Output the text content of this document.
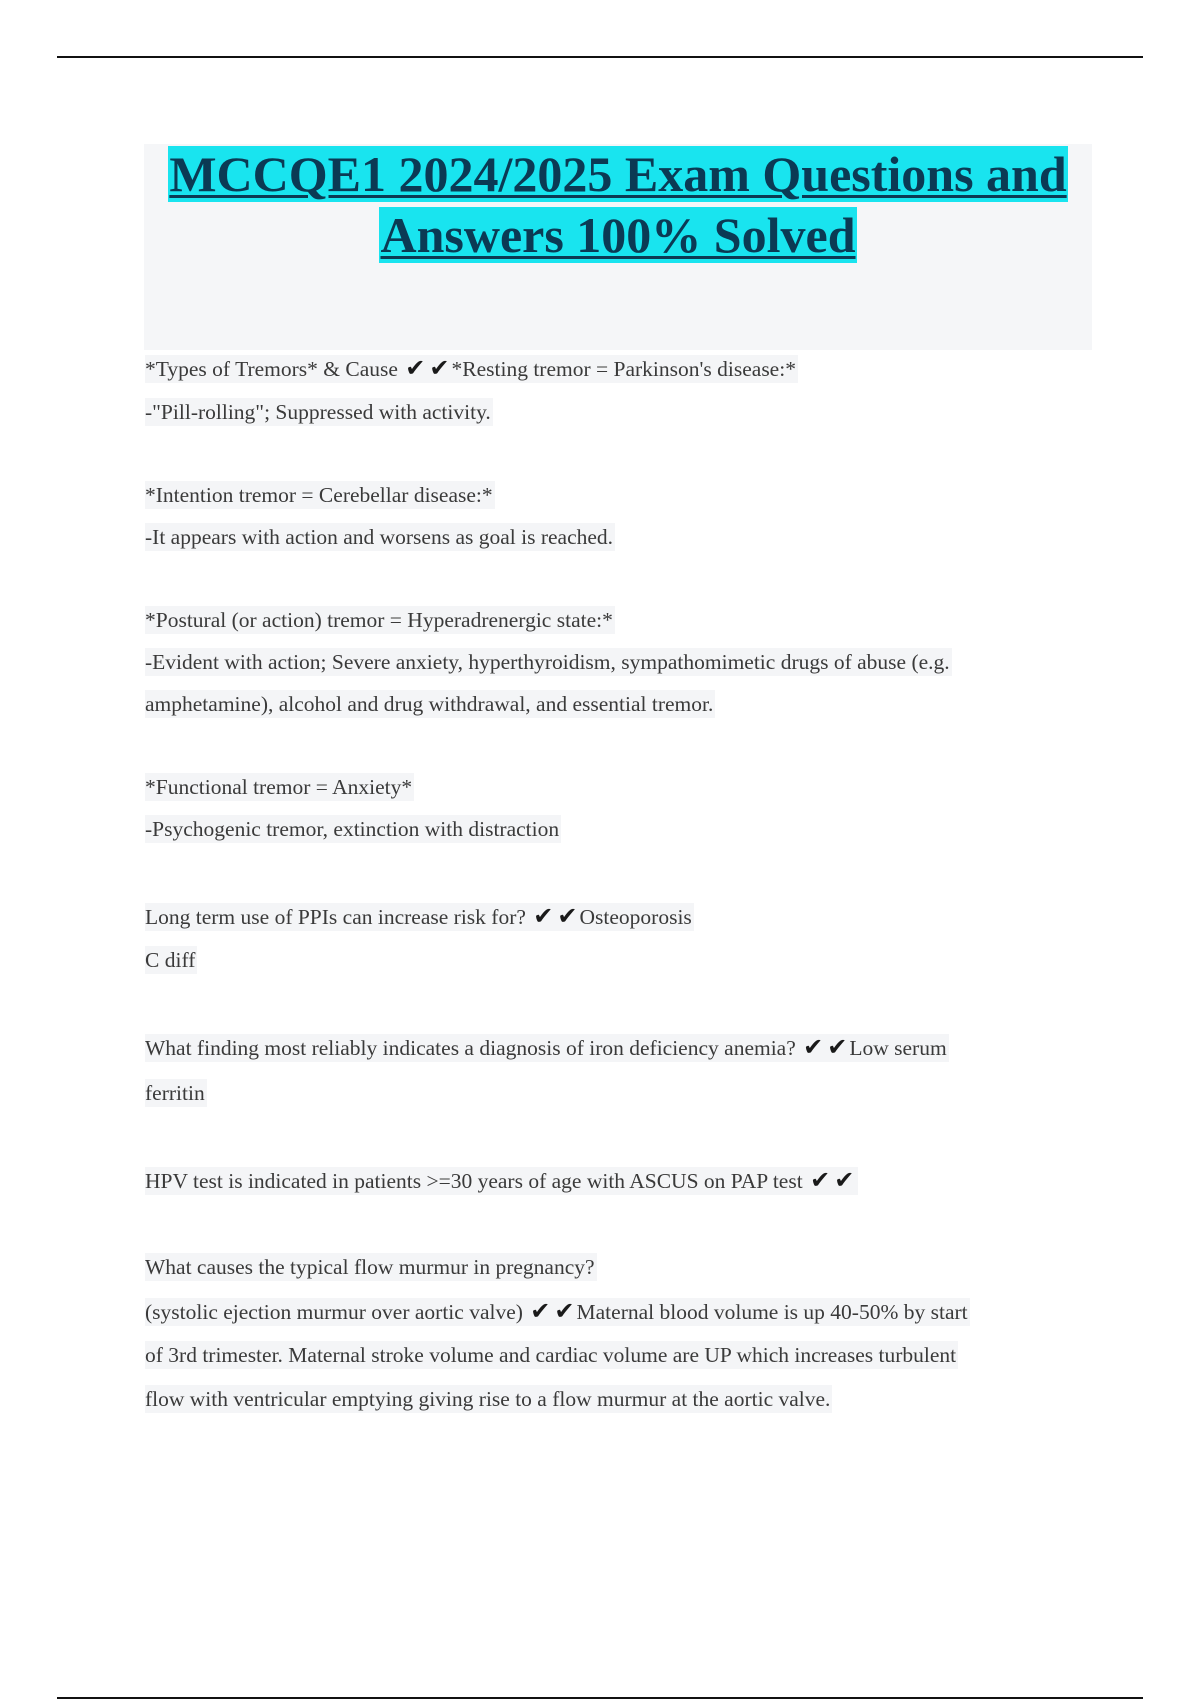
MCCQE1 2024/2025 Exam Questions and
Answers 100% Solved
*Types of Tremors* & Cause ✔ ✔*Resting tremor = Parkinson's disease:*
-"Pill-rolling"; Suppressed with activity.
*Intention tremor = Cerebellar disease:*
-It appears with action and worsens as goal is reached.
*Postural (or action) tremor = Hyperadrenergic state:*
-Evident with action; Severe anxiety, hyperthyroidism, sympathomimetic drugs of abuse (e.g.
amphetamine), alcohol and drug withdrawal, and essential tremor.
*Functional tremor = Anxiety*
-Psychogenic tremor, extinction with distraction
Long term use of PPIs can increase risk for? ✔ ✔Osteoporosis
C diff
What finding most reliably indicates a diagnosis of iron deficiency anemia? ✔ ✔Low serum
ferritin
HPV test is indicated in patients >=30 years of age with ASCUS on PAP test ✔ ✔
What causes the typical flow murmur in pregnancy?
(systolic ejection murmur over aortic valve) ✔ ✔Maternal blood volume is up 40-50% by start
of 3rd trimester. Maternal stroke volume and cardiac volume are UP which increases turbulent
flow with ventricular emptying giving rise to a flow murmur at the aortic valve.
